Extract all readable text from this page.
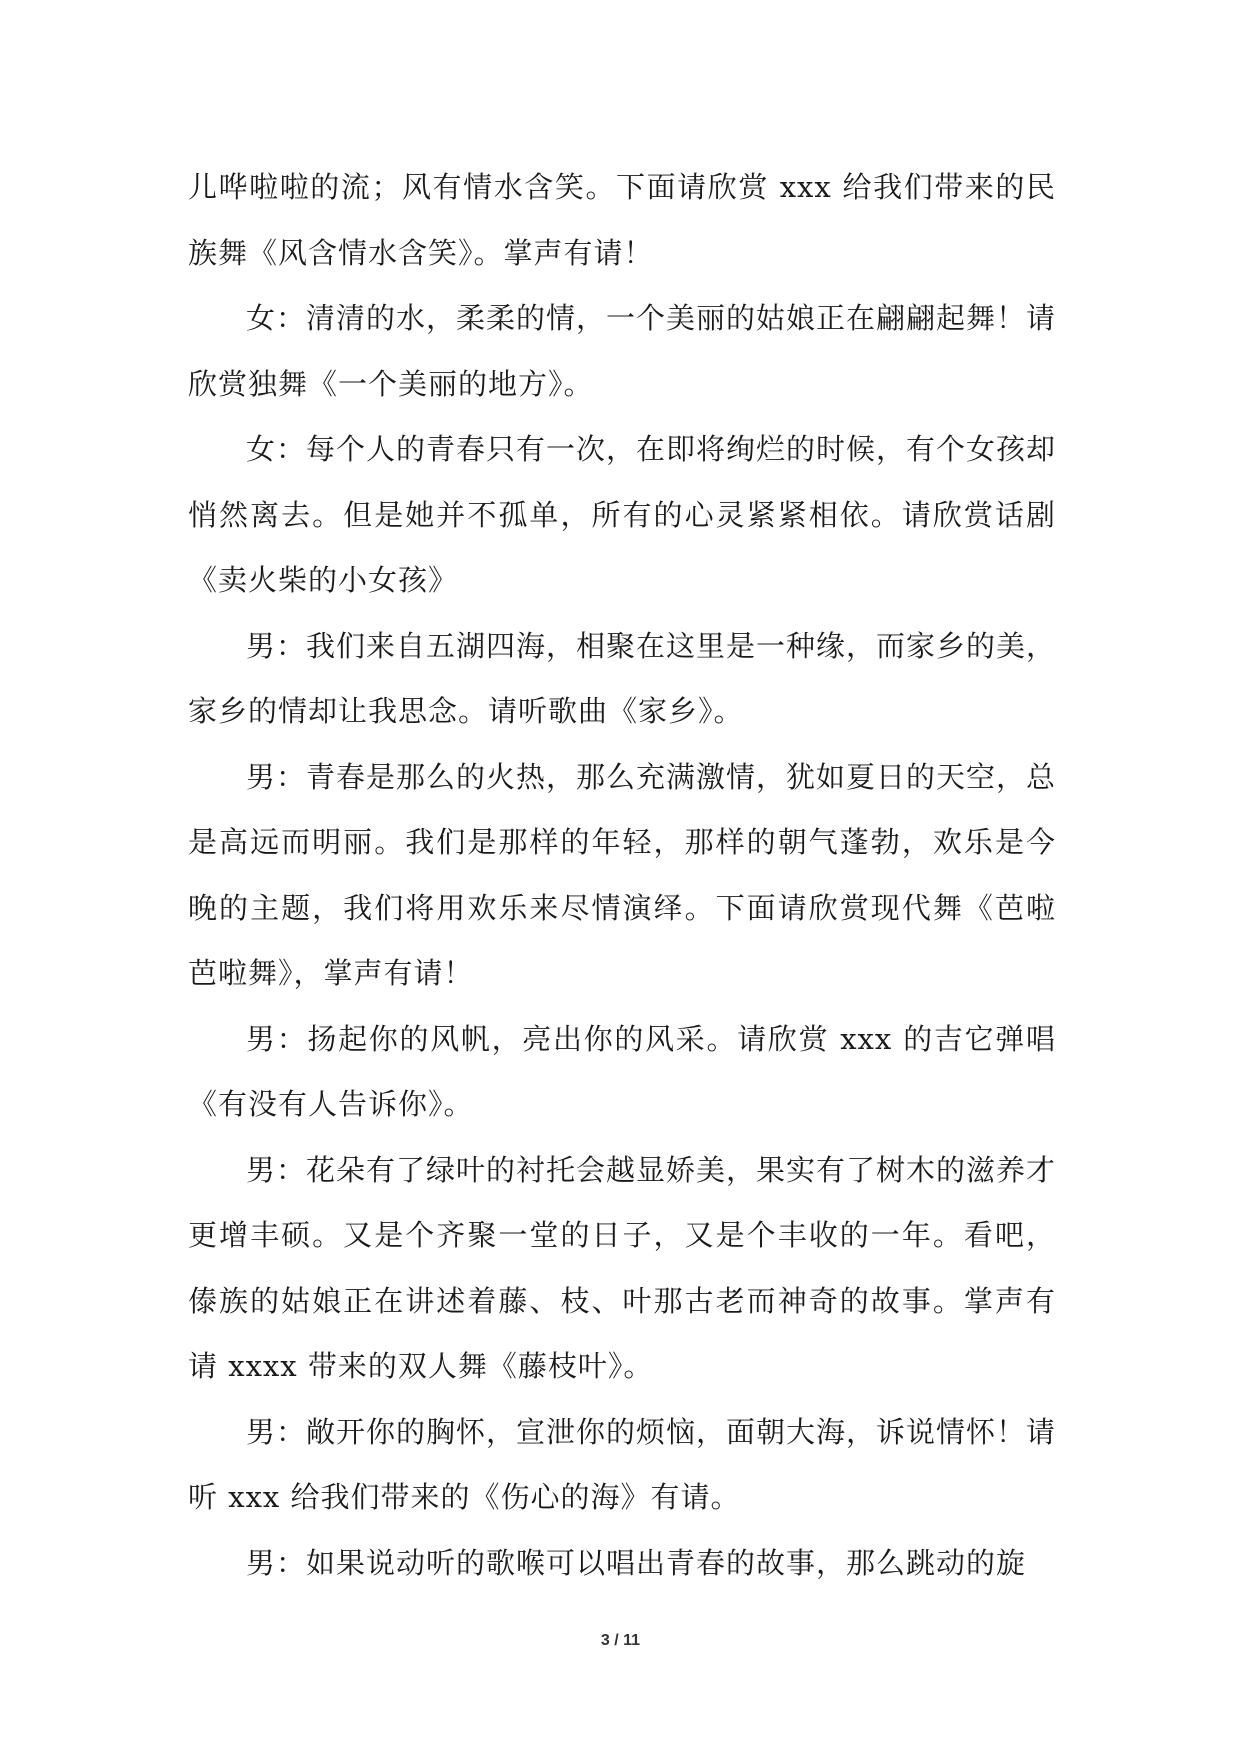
儿哗啦啦的流；风有情水含笑。下面请欣赏 xxx 给我们带来的民族舞《风含情水含笑》。掌声有请！

女：清清的水，柔柔的情，一个美丽的姑娘正在翩翩起舞！请欣赏独舞《一个美丽的地方》。

女：每个人的青春只有一次，在即将绚烂的时候，有个女孩却悄然离去。但是她并不孤单，所有的心灵紧紧相依。请欣赏话剧《卖火柴的小女孩》

男：我们来自五湖四海，相聚在这里是一种缘，而家乡的美，家乡的情却让我思念。请听歌曲《家乡》。

男：青春是那么的火热，那么充满激情，犹如夏日的天空，总是高远而明丽。我们是那样的年轻，那样的朝气蓬勃，欢乐是今晚的主题，我们将用欢乐来尽情演绎。下面请欣赏现代舞《芭啦芭啦舞》，掌声有请！

男：扬起你的风帆，亮出你的风采。请欣赏 xxx 的吉它弹唱《有没有人告诉你》。

男：花朵有了绿叶的衬托会越显娇美，果实有了树木的滋养才更增丰硕。又是个齐聚一堂的日子，又是个丰收的一年。看吧，傣族的姑娘正在讲述着藤、枝、叶那古老而神奇的故事。掌声有请 xxxx 带来的双人舞《藤枝叶》。

男：敞开你的胸怀，宣泄你的烦恼，面朝大海，诉说情怀！请听 xxx 给我们带来的《伤心的海》有请。

男：如果说动听的歌喉可以唱出青春的故事，那么跳动的旋

3 / 11
